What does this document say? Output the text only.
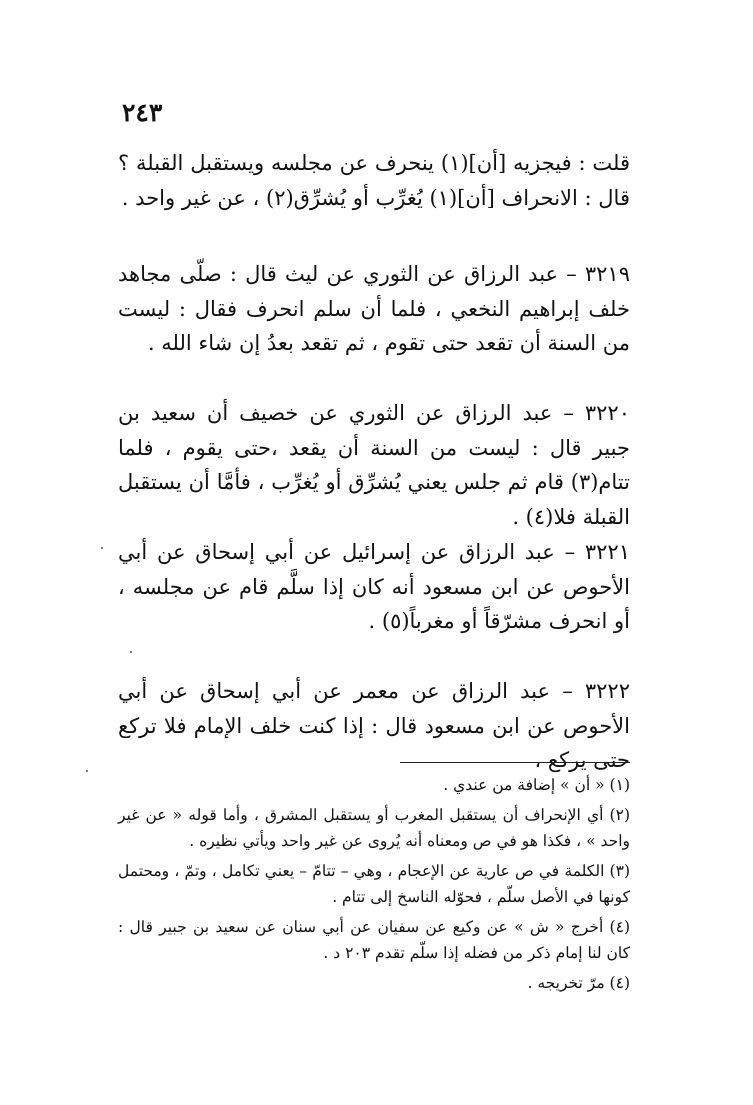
٢٤٣

قلت : فيجزيه [أن](١) ينحرف عن مجلسه ويستقبل القبلة ؟ قال : الانحراف [أن](١) يُغرِّب أو يُشرِّق(٢) ، عن غير واحد .

٣٢١٩ – عبد الرزاق عن الثوري عن ليث قال : صلّى مجاهد خلف إبراهيم النخعي ، فلما أن سلم انحرف فقال : ليست من السنة أن تقعد حتى تقوم ، ثم تقعد بعدُ إن شاء الله .

٣٢٢٠ – عبد الرزاق عن الثوري عن خصيف أن سعيد بن جبير قال : ليست من السنة أن يقعد ،حتى يقوم ، فلما تتام(٣) قام ثم جلس يعني يُشرِّق أو يُغرِّب ، فأمَّا أن يستقبل القبلة فلا(٤) .

٣٢٢١ – عبد الرزاق عن إسرائيل عن أبي إسحاق عن أبي الأحوص عن ابن مسعود أنه كان إذا سلَّم قام عن مجلسه ، أو انحرف مشرّقاً أو مغرباً(٥) .

٣٢٢٢ – عبد الرزاق عن معمر عن أبي إسحاق عن أبي الأحوص عن ابن مسعود قال : إذا كنت خلف الإمام فلا تركع حتى يركع ،

(١) « أن » إضافة من عندي .

(٢) أي الإنحراف أن يستقبل المغرب أو يستقبل المشرق ، وأما قوله « عن غير واحد » ، فكذا هو في ص ومعناه أنه يُروى عن غير واحد ويأتي نظيره .

(٣) الكلمة في ص عارية عن الإعجام ، وهي – تتامّ – يعني تكامل ، وتمّ ، ومحتمل كونها في الأصل سلّم ، فحوّله الناسخ إلى تتام .

(٤) أخرج « ش » عن وكيع عن سفيان عن أبي سنان عن سعيد بن جبير قال : كان لنا إمام ذكر من فضله إذا سلّم تقدم ٢٠٣ د .

(٤) مرّ تخريجه .
